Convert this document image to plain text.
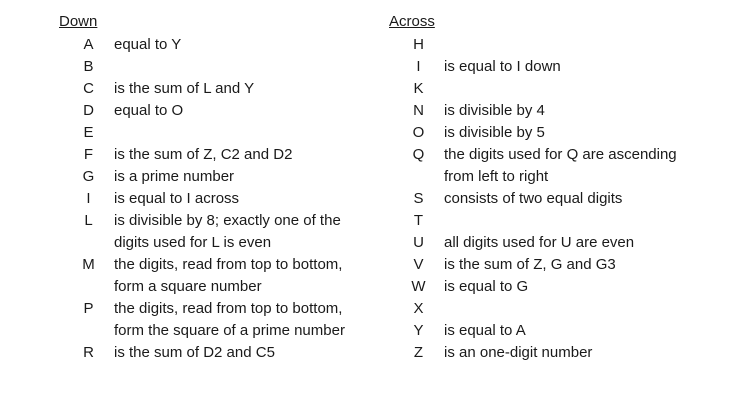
Down	Across
A	equal to Y
B
C	is the sum of L and Y
D	equal to O
E
F	is the sum of Z, C2 and D2
G	is a prime number
I	is equal to I across
L	is divisible by 8; exactly one of the
digits used for L is even
M	the digits, read from top to bottom,
form a square number
P	the digits, read from top to bottom,
form the square of a prime number
R	is the sum of D2 and C5
H
I	is equal to I down
K
N	is divisible by 4
O	is divisible by 5
Q	the digits used for Q are ascending
from left to right
S	consists of two equal digits
T
U	all digits used for U are even
V	is the sum of Z, G and G3
W	is equal to G
X
Y	is equal to A
Z	is an one-digit number
